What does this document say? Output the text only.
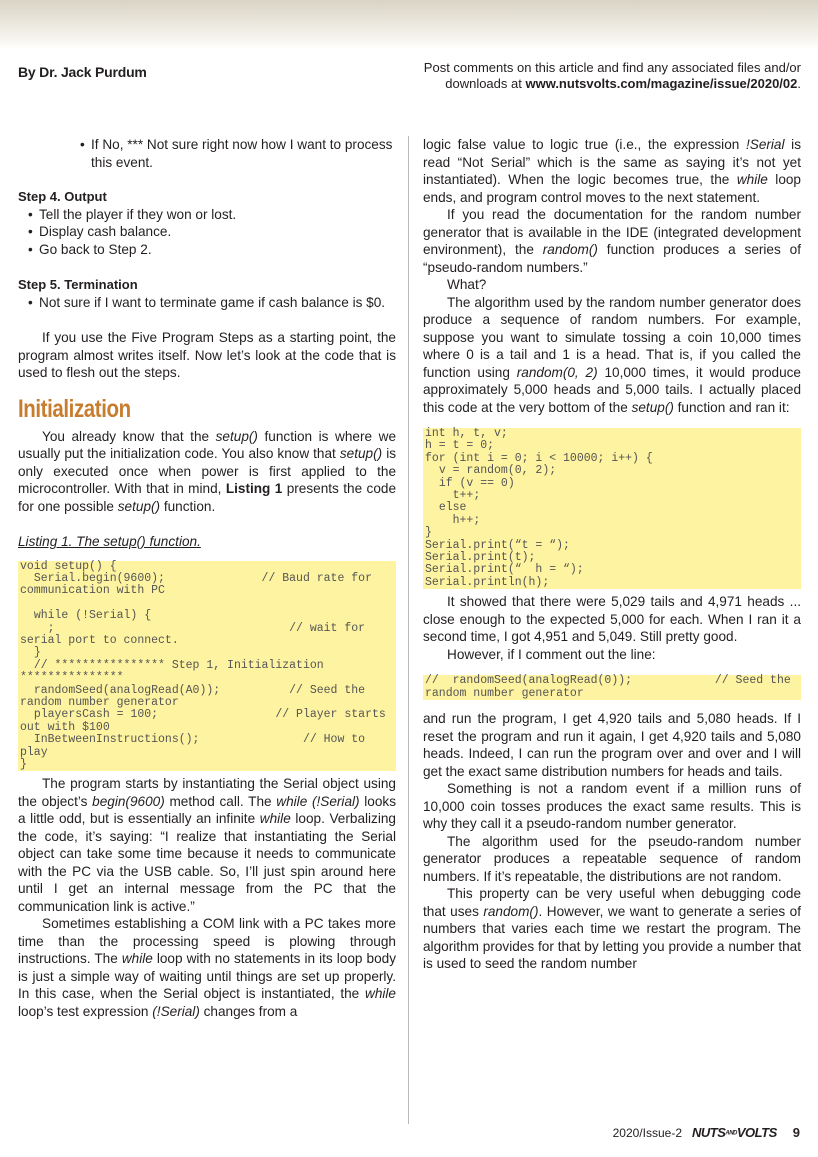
By Dr. Jack Purdum	Post comments on this article and find any associated files and/or downloads at www.nutsvolts.com/magazine/issue/2020/02.
• If No, *** Not sure right now how I want to process this event.

Step 4. Output

• Tell the player if they won or lost.
• Display cash balance.
• Go back to Step 2.

Step 5. Termination

• Not sure if I want to terminate game if cash balance is $0.

If you use the Five Program Steps as a starting point, the program almost writes itself. Now let’s look at the code that is used to flesh out the steps.

Initialization

You already know that the setup() function is where we usually put the initialization code. You also know that setup() is only executed once when power is first applied to the microcontroller. With that in mind, Listing 1 presents the code for one possible setup() function.

Listing 1. The setup() function.

void setup() {
Serial.begin(9600);              // Baud rate for communication with PC

while (!Serial) {
;                                  // wait for serial port to connect.
}
// **************** Step 1, Initialization ***************
randomSeed(analogRead(A0));          // Seed the random number generator
playersCash = 100;                 // Player starts out with $100
InBetweenInstructions();               // How to play
}

The program starts by instantiating the Serial object using the object’s begin(9600) method call. The while (!Serial) looks a little odd, but is essentially an infinite while loop. Verbalizing the code, it’s saying: “I realize that instantiating the Serial object can take some time because it needs to communicate with the PC via the USB cable. So, I’ll just spin around here until I get an internal message from the PC that the communication link is active.”

Sometimes establishing a COM link with a PC takes more time than the processing speed is plowing through instructions. The while loop with no statements in its loop body is just a simple way of waiting until things are set up properly. In this case, when the Serial object is instantiated, the while loop’s test expression (!Serial) changes from a

logic false value to logic true (i.e., the expression !Serial is read “Not Serial” which is the same as saying it’s not yet instantiated). When the logic becomes true, the while loop ends, and program control moves to the next statement.

If you read the documentation for the random number generator that is available in the IDE (integrated development environment), the random() function produces a series of “pseudo-random numbers.”

What?

The algorithm used by the random number generator does produce a sequence of random numbers. For example, suppose you want to simulate tossing a coin 10,000 times where 0 is a tail and 1 is a head. That is, if you called the function using random(0, 2) 10,000 times, it would produce approximately 5,000 heads and 5,000 tails. I actually placed this code at the very bottom of the setup() function and ran it:

int h, t, v;
h = t = 0;
for (int i = 0; i < 10000; i++) {
v = random(0, 2);
if (v == 0)
t++;
else
h++;
}
Serial.print(“t = “);
Serial.print(t);
Serial.print(“  h = “);
Serial.println(h);

It showed that there were 5,029 tails and 4,971 heads ... close enough to the expected 5,000 for each. When I ran it a second time, I got 4,951 and 5,049. Still pretty good.

However, if I comment out the line:

//  randomSeed(analogRead(0));            // Seed the random number generator

and run the program, I get 4,920 tails and 5,080 heads. If I reset the program and run it again, I get 4,920 tails and 5,080 heads. Indeed, I can run the program over and over and I will get the exact same distribution numbers for heads and tails.

Something is not a random event if a million runs of 10,000 coin tosses produces the exact same results. This is why they call it a pseudo-random number generator.

The algorithm used for the pseudo-random number generator produces a repeatable sequence of random numbers. If it’s repeatable, the distributions are not random.

This property can be very useful when debugging code that uses random(). However, we want to generate a series of numbers that varies each time we restart the program. The algorithm provides for that by letting you provide a number that is used to seed the random number

2020/Issue-2 NUTSANDVOLTS 9
